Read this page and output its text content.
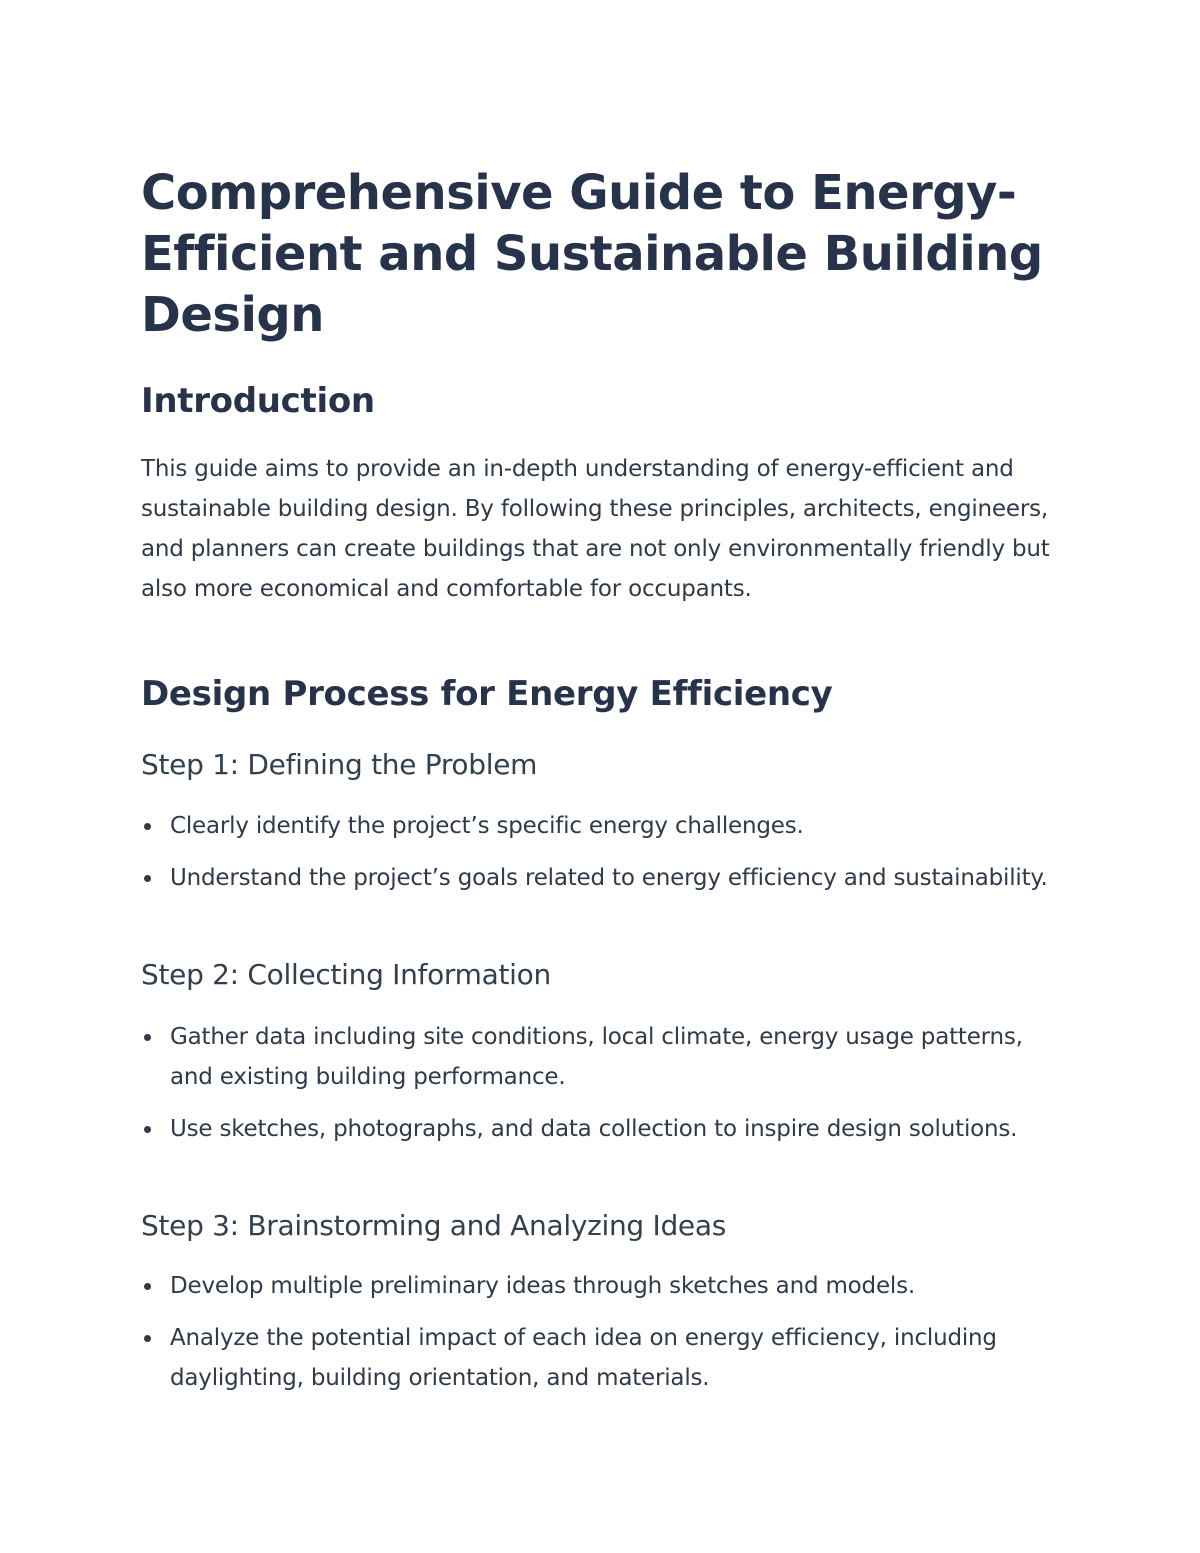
Comprehensive Guide to Energy-Efficient and Sustainable Building Design
Introduction

This guide aims to provide an in-depth understanding of energy-efficient and sustainable building design. By following these principles, architects, engineers, and planners can create buildings that are not only environmentally friendly but also more economical and comfortable for occupants.

Design Process for Energy Efficiency
Step 1: Defining the Problem
Clearly identify the project’s specific energy challenges.
Understand the project’s goals related to energy efficiency and sustainability.
Step 2: Collecting Information
Gather data including site conditions, local climate, energy usage patterns, and existing building performance.
Use sketches, photographs, and data collection to inspire design solutions.
Step 3: Brainstorming and Analyzing Ideas
Develop multiple preliminary ideas through sketches and models.
Analyze the potential impact of each idea on energy efficiency, including daylighting, building orientation, and materials.
